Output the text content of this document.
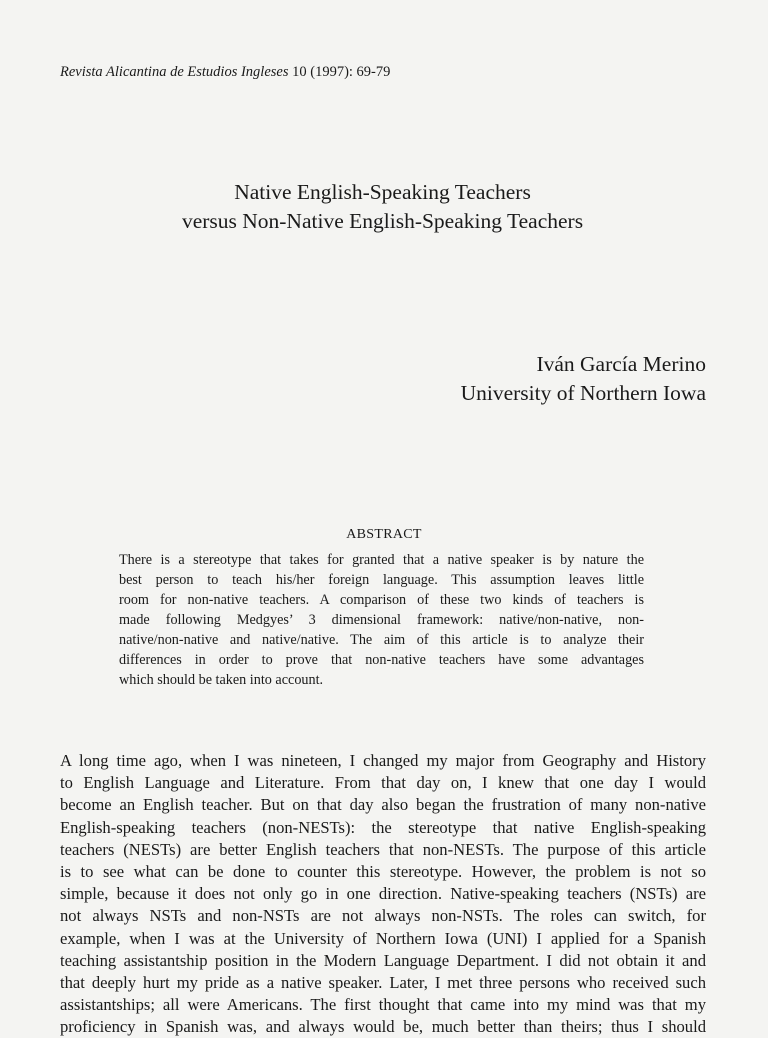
Revista Alicantina de Estudios Ingleses 10 (1997): 69-79
Native English-Speaking Teachers
versus Non-Native English-Speaking Teachers
Iván García Merino
University of Northern Iowa
ABSTRACT
There is a stereotype that takes for granted that a native speaker is by nature the
best person to teach his/her foreign language. This assumption leaves little
room for non-native teachers. A comparison of these two kinds of teachers is
made following Medgyes’ 3 dimensional framework: native/non-native, non-
native/non-native and native/native. The aim of this article is to analyze their
differences in order to prove that non-native teachers have some advantages
which should be taken into account.
A long time ago, when I was nineteen, I changed my major from Geography and History
to English Language and Literature. From that day on, I knew that one day I would
become an English teacher. But on that day also began the frustration of many non-native
English-speaking teachers (non-NESTs): the stereotype that native English-speaking
teachers (NESTs) are better English teachers that non-NESTs. The purpose of this article
is to see what can be done to counter this stereotype. However, the problem is not so
simple, because it does not only go in one direction. Native-speaking teachers (NSTs) are
not always NSTs and non-NSTs are not always non-NSTs. The roles can switch, for
example, when I was at the University of Northern Iowa (UNI) I applied for a Spanish
teaching assistantship position in the Modern Language Department. I did not obtain it and
that deeply hurt my pride as a native speaker. Later, I met three persons who received such
assistantships; all were Americans. The first thought that came into my mind was that my
proficiency in Spanish was, and always would be, much better than theirs; thus I should
